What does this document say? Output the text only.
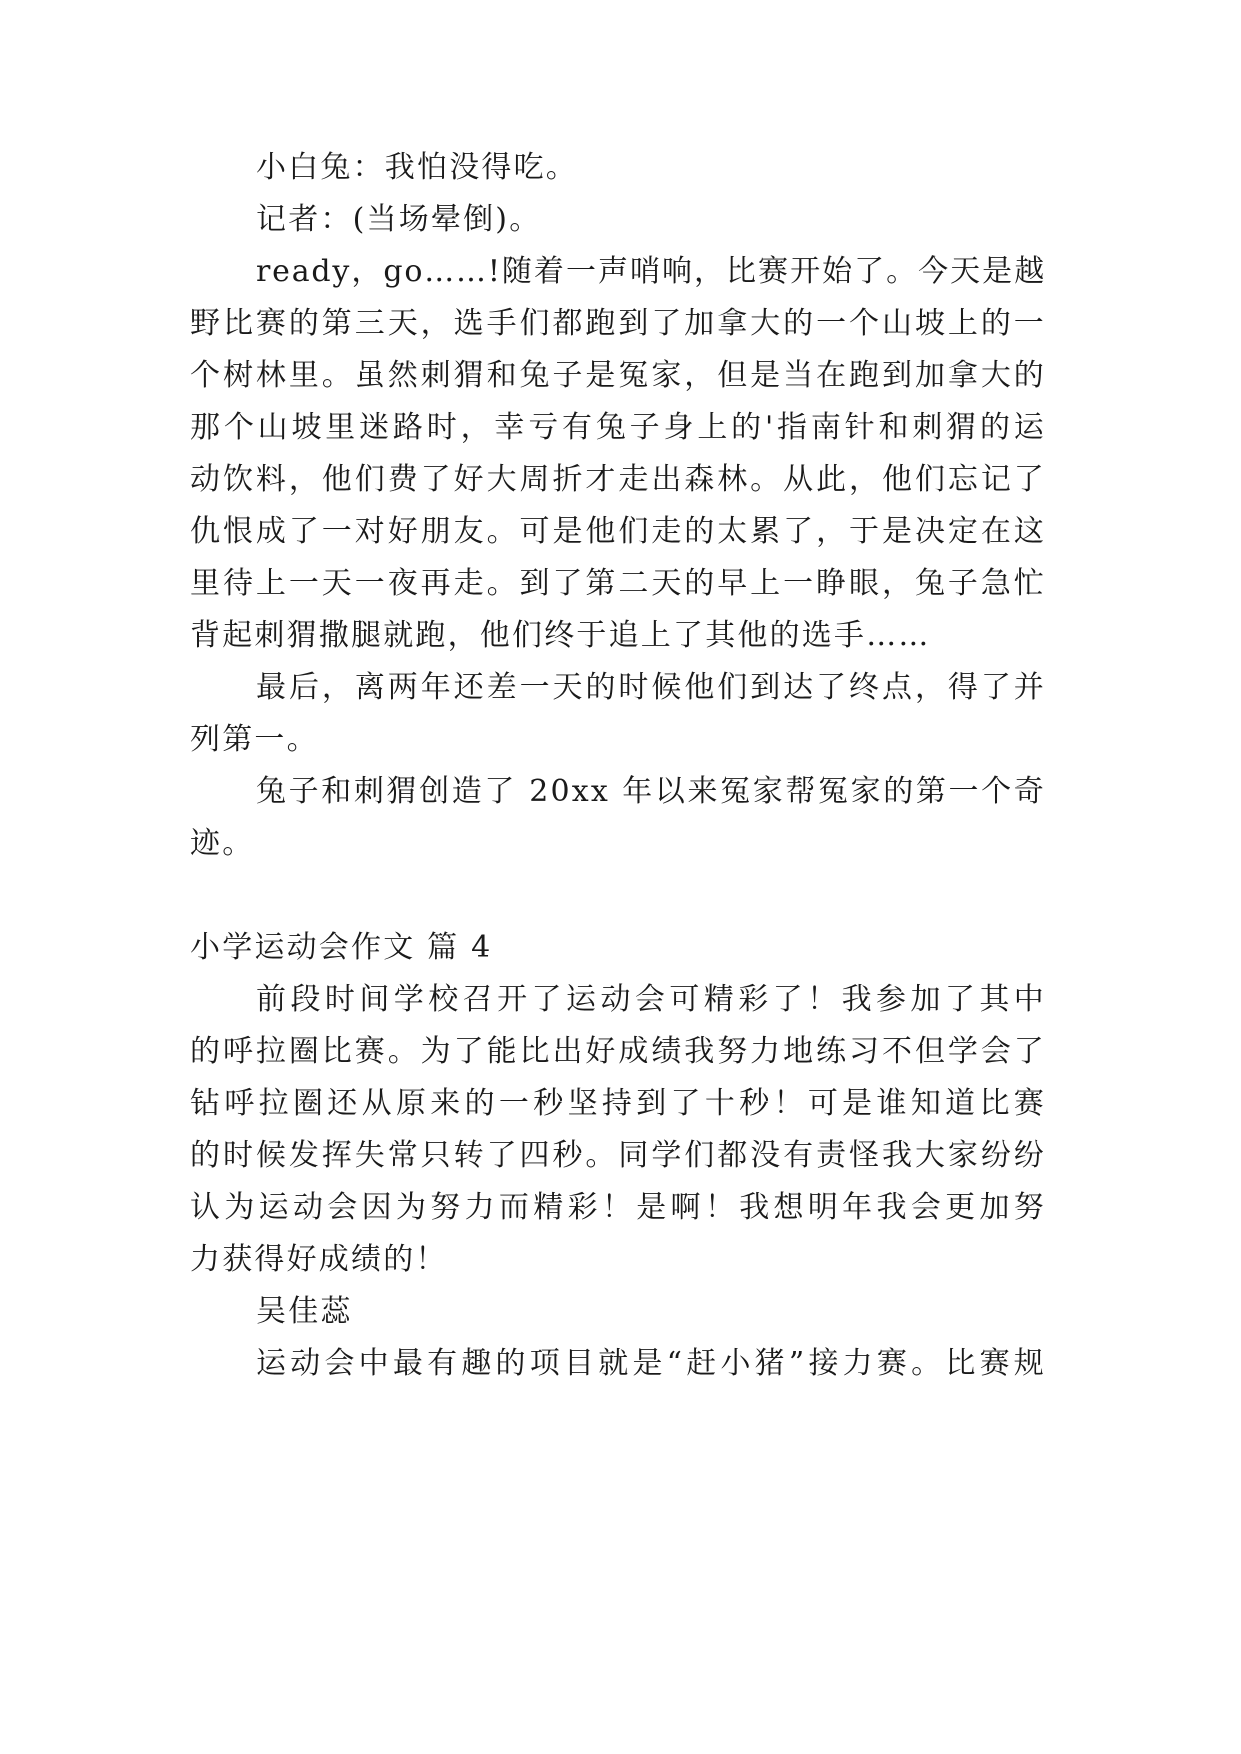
小白兔：我怕没得吃。
记者：(当场晕倒)。
ready，go……!随着一声哨响，比赛开始了。今天是越
野比赛的第三天，选手们都跑到了加拿大的一个山坡上的一
个树林里。虽然刺猬和兔子是冤家，但是当在跑到加拿大的
那个山坡里迷路时，幸亏有兔子身上的'指南针和刺猬的运
动饮料，他们费了好大周折才走出森林。从此，他们忘记了
仇恨成了一对好朋友。可是他们走的太累了，于是决定在这
里待上一天一夜再走。到了第二天的早上一睁眼，兔子急忙
背起刺猬撒腿就跑，他们终于追上了其他的选手……
最后，离两年还差一天的时候他们到达了终点，得了并
列第一。
兔子和刺猬创造了 20xx 年以来冤家帮冤家的第一个奇
迹。
小学运动会作文 篇 4
前段时间学校召开了运动会可精彩了！我参加了其中
的呼拉圈比赛。为了能比出好成绩我努力地练习不但学会了
钻呼拉圈还从原来的一秒坚持到了十秒！可是谁知道比赛
的时候发挥失常只转了四秒。同学们都没有责怪我大家纷纷
认为运动会因为努力而精彩！是啊！我想明年我会更加努
力获得好成绩的！
吴佳蕊
运动会中最有趣的项目就是“赶小猪”接力赛。比赛规
